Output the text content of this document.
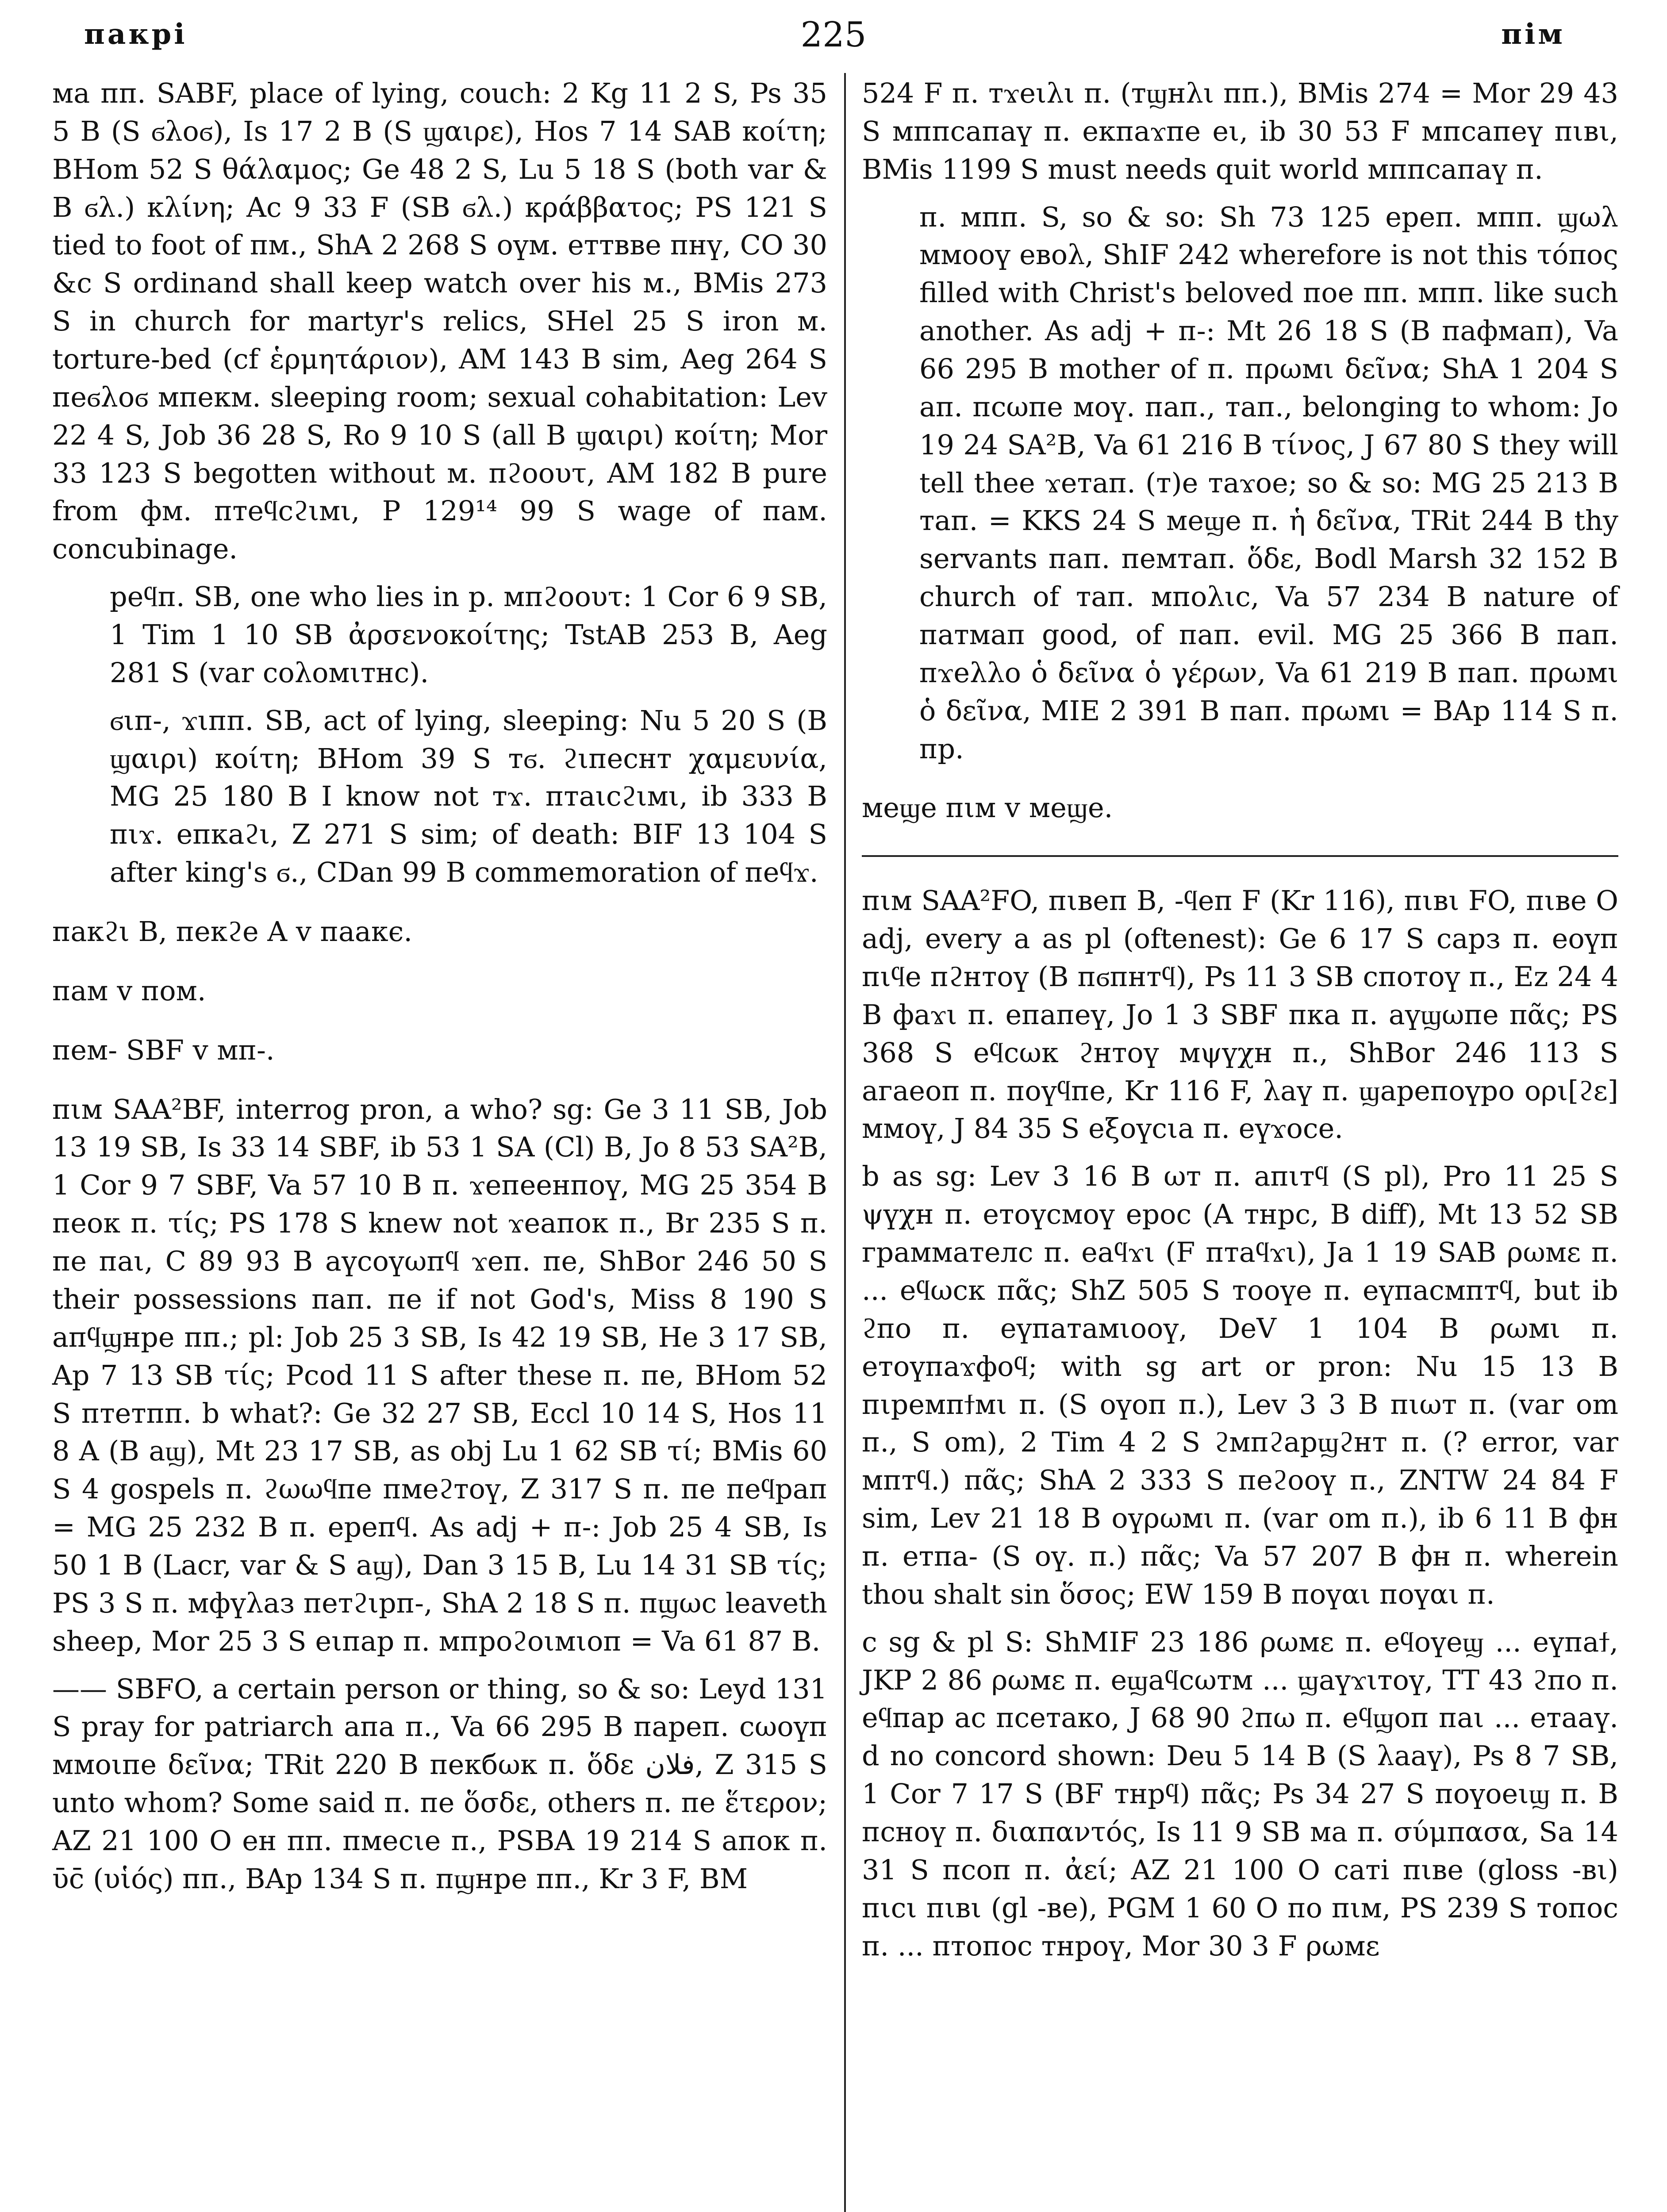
пакрі	225	пім

ма пп. SABF, place of lying, couch: 2 Kg 11 2 S, Ps 35 5 B (S ϭλοϭ), Is 17 2 B (S ϣαιρε), Hos 7 14 SAB κοίτη; BHom 52 S θάλαμος; Ge 48 2 S, Lu 5 18 S (both var & B ϭλ.) κλίνη; Ac 9 33 F (SB ϭλ.) κράββατος; PS 121 S tied to foot of пм., ShA 2 268 S оүм. еттвве пнү, CO 30 &c S ordinand shall keep watch over his м., BMis 273 S in church for martyr's relics, SHel 25 S iron м. torture-bed (cf ἑρμητάριον), AM 143 B sim, Aeg 264 S пеϭλоϭ мпекм. sleeping room; sexual cohabitation: Lev 22 4 S, Job 36 28 S, Ro 9 10 S (all B ϣαιρι) κοίτη; Mor 33 123 S begotten without м. пϩοουτ, AM 182 B pure from фм. птеϥсϩιмι, P 129¹⁴ 99 S wage of пам. concubinage.

реϥп. SB, one who lies in p. мпϩοουτ: 1 Cor 6 9 SB, 1 Tim 1 10 SB ἀρσενοκοίτης; TstAB 253 B, Aeg 281 S (var соλомιтнс).

ϭιп-, ϫιпп. SB, act of lying, sleeping: Nu 5 20 S (B ϣαιρι) κοίτη; BHom 39 S тϭ. ϩιпеснт χαμευνία, MG 25 180 B I know not тϫ. птаιсϩιмι, ib 333 B пιϫ. епкаϩι, Z 271 S sim; of death: BIF 13 104 S after king's ϭ., CDan 99 B commemoration of пеϥϫ.

пакϩι B, пекϩе A v паакє.

пам v пом.

пем- SBF v мп-.

пιм SAA²BF, interrog pron, a who? sg: Ge 3 11 SB, Job 13 19 SB, Is 33 14 SBF, ib 53 1 SA (Cl) B, Jo 8 53 SA²B, 1 Cor 9 7 SBF, Va 57 10 B п. ϫепеенпоү, MG 25 354 B пеок п. τίς; PS 178 S knew not ϫеапок п., Br 235 S п. пе паι, C 89 93 B аүсоүωпϥ ϫеп. пе, ShBor 246 50 S their possessions пап. пе if not God's, Miss 8 190 S апϥϣнре пп.; pl: Job 25 3 SB, Is 42 19 SB, He 3 17 SB, Ap 7 13 SB τίς; Pcod 11 S after these п. пе, BHom 52 S птетпп. b what?: Ge 32 27 SB, Eccl 10 14 S, Hos 11 8 A (B аϣ), Mt 23 17 SB, as obj Lu 1 62 SB τί; BMis 60 S 4 gospels п. ϩωωϥпе пмеϩтоү, Z 317 S п. пе пеϥрап = MG 25 232 B п. ерепϥ. As adj + п-: Job 25 4 SB, Is 50 1 B (Lacr, var & S аϣ), Dan 3 15 B, Lu 14 31 SB τίς; PS 3 S п. мфүλаз петϩιрп-, ShA 2 18 S п. пϣωс leaveth sheep, Mor 25 3 S еιпар п. мпроϩοιмιоп = Va 61 87 B.

—— SBFO, a certain person or thing, so & so: Leyd 131 S pray for patriarch апа п., Va 66 295 B пареп. сωоүп ммоιпе δεῖνα; TRit 220 B пекбωк п. ὅδε فلان, Z 315 S unto whom? Some said п. пе ὅσδε, others п. пе ἕτερον; AZ 21 100 O ен пп. пмесιе п., PSBA 19 214 S апок п. ῡс̄ (υἱός) пп., BAp 134 S п. пϣнре пп., Kr 3 F, BM

524 F п. тϫеιλι п. (тϣнλι пп.), BMis 274 = Mor 29 43 S мппсапаү п. екпаϫпе еι, ib 30 53 F мпсапеү пιвι, BMis 1199 S must needs quit world мппсапаү п.

п. мпп. S, so & so: Sh 73 125 ереп. мпп. ϣωλ ммооү евоλ, ShIF 242 wherefore is not this τόπος filled with Christ's beloved пое пп. мпп. like such another. As adj + п-: Mt 26 18 S (B пафмап), Va 66 295 B mother of п. пρωмι δεῖνα; ShA 1 204 S ап. псωпе моү. пап., тап., belonging to whom: Jo 19 24 SA²B, Va 61 216 B τίνος, J 67 80 S they will tell thee ϫетап. (т)е таϫое; so & so: MG 25 213 B тап. = KKS 24 S меϣе п. ἡ δεῖνα, TRit 244 B thy servants пап. пемтап. ὅδε, Bodl Marsh 32 152 B church of тап. мпоλιс, Va 57 234 B nature of патмап good, of пап. evil. MG 25 366 B пап. пϫеλλо ὁ δεῖνα ὁ γέρων, Va 61 219 B пап. пρωмι ὁ δεῖνα, MIE 2 391 B пап. пρωмι = BAp 114 S п. пр.

меϣе пιм v меϣе.

пιм SAA²FO, пιвеп B, -ϥеп F (Kr 116), пιвι FO, пιве O adj, every a as pl (oftenest): Ge 6 17 S сарз п. еоүп пιϥе пϩнтоү (B пϭпнтϥ), Ps 11 3 SB спотоү п., Ez 24 4 B фаϫι п. епапеү, Jo 1 3 SBF пка п. аүϣωпе πᾶς; PS 368 S еϥсωк ϩнтоү мψүχн п., ShBor 246 113 S агаеоп п. поүϥпе, Kr 116 F, λаү п. ϣарепоүро ορι[ϩε] ммоү, J 84 35 S еξоүсιа п. еүϫосе.

b as sg: Lev 3 16 B ωт п. апιтϥ (S pl), Pro 11 25 S ψүχн п. етоүсмоү ерос (A тнрс, B diff), Mt 13 52 SB граммателс п. еаϥϫι (F птаϥϫι), Ja 1 19 SAB ρωмε п. ... еϥωск πᾶς; ShZ 505 S тооүе п. еүпасмптϥ, but ib ϩпо п. еүпатамιооү, DeV 1 104 B ρωмι п. етоүпаϫфоϥ; with sg art or pron: Nu 15 13 B пιремпϯмι п. (S оүоп п.), Lev 3 3 B пιωт п. (var om п., S om), 2 Tim 4 2 S ϩмпϩарϣϩнт п. (? error, var мптϥ.) πᾶς; ShA 2 333 S пеϩооү п., ZNTW 24 84 F sim, Lev 21 18 B оүρωмι п. (var om п.), ib 6 11 B фн п. етпа- (S оү. п.) πᾶς; Va 57 207 B фн п. wherein thou shalt sin ὅσος; EW 159 B поүαι поүαι п.

c sg & pl S: ShMIF 23 186 ρωмε п. еϥоүеϣ ... еүпаϯ, JKP 2 86 ρωмε п. еϣаϥсωтм ... ϣаүϫιтоү, TT 43 ϩпо п. еϥпар ас псетако, J 68 90 ϩпω п. еϥϣоп паι ... етааү. d no concord shown: Deu 5 14 B (S λааү), Ps 8 7 SB, 1 Cor 7 17 S (BF тнрϥ) πᾶς; Ps 34 27 S поүоеιϣ п. B псноү п. διαπαντός, Is 11 9 SB ма п. σύμπασα, Sa 14 31 S псоп п. ἀεί; AZ 21 100 O саті пιве (gloss -вι) пιсι пιвι (gl -ве), PGM 1 60 O по пιм, PS 239 S топос п. ... птопос тнроү, Mor 30 3 F ρωмε
